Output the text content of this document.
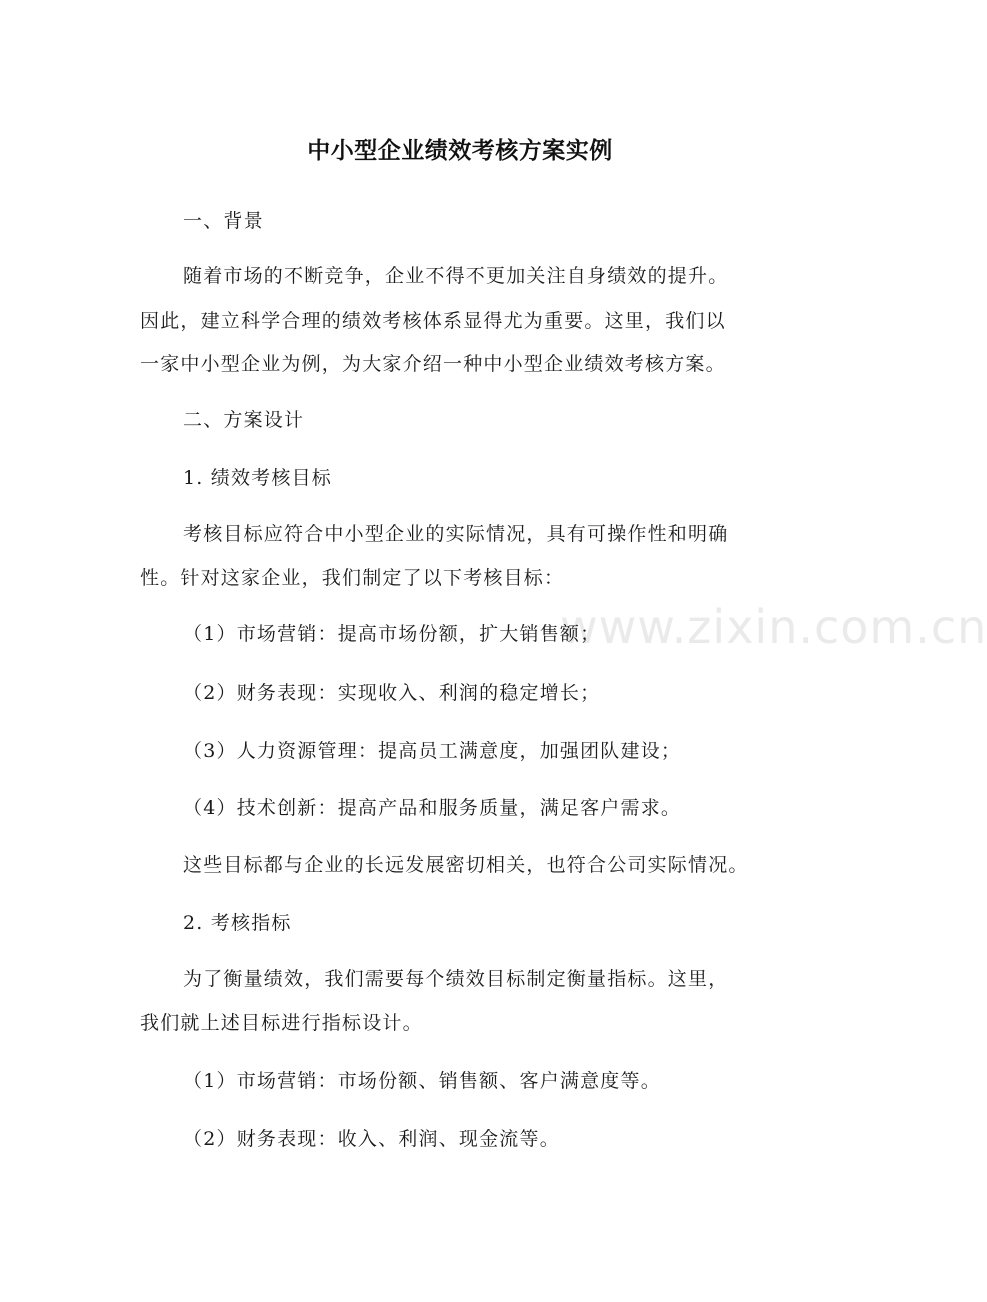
www.zixin.com.cn
中小型企业绩效考核方案实例
一、背景
随着市场的不断竞争，企业不得不更加关注自身绩效的提升。
因此，建立科学合理的绩效考核体系显得尤为重要。这里，我们以
一家中小型企业为例，为大家介绍一种中小型企业绩效考核方案。
二、方案设计
1. 绩效考核目标
考核目标应符合中小型企业的实际情况，具有可操作性和明确
性。针对这家企业，我们制定了以下考核目标：
（1）市场营销：提高市场份额，扩大销售额；
（2）财务表现：实现收入、利润的稳定增长；
（3）人力资源管理：提高员工满意度，加强团队建设；
（4）技术创新：提高产品和服务质量，满足客户需求。
这些目标都与企业的长远发展密切相关，也符合公司实际情况。
2. 考核指标
为了衡量绩效，我们需要每个绩效目标制定衡量指标。这里，
我们就上述目标进行指标设计。
（1）市场营销：市场份额、销售额、客户满意度等。
（2）财务表现：收入、利润、现金流等。
